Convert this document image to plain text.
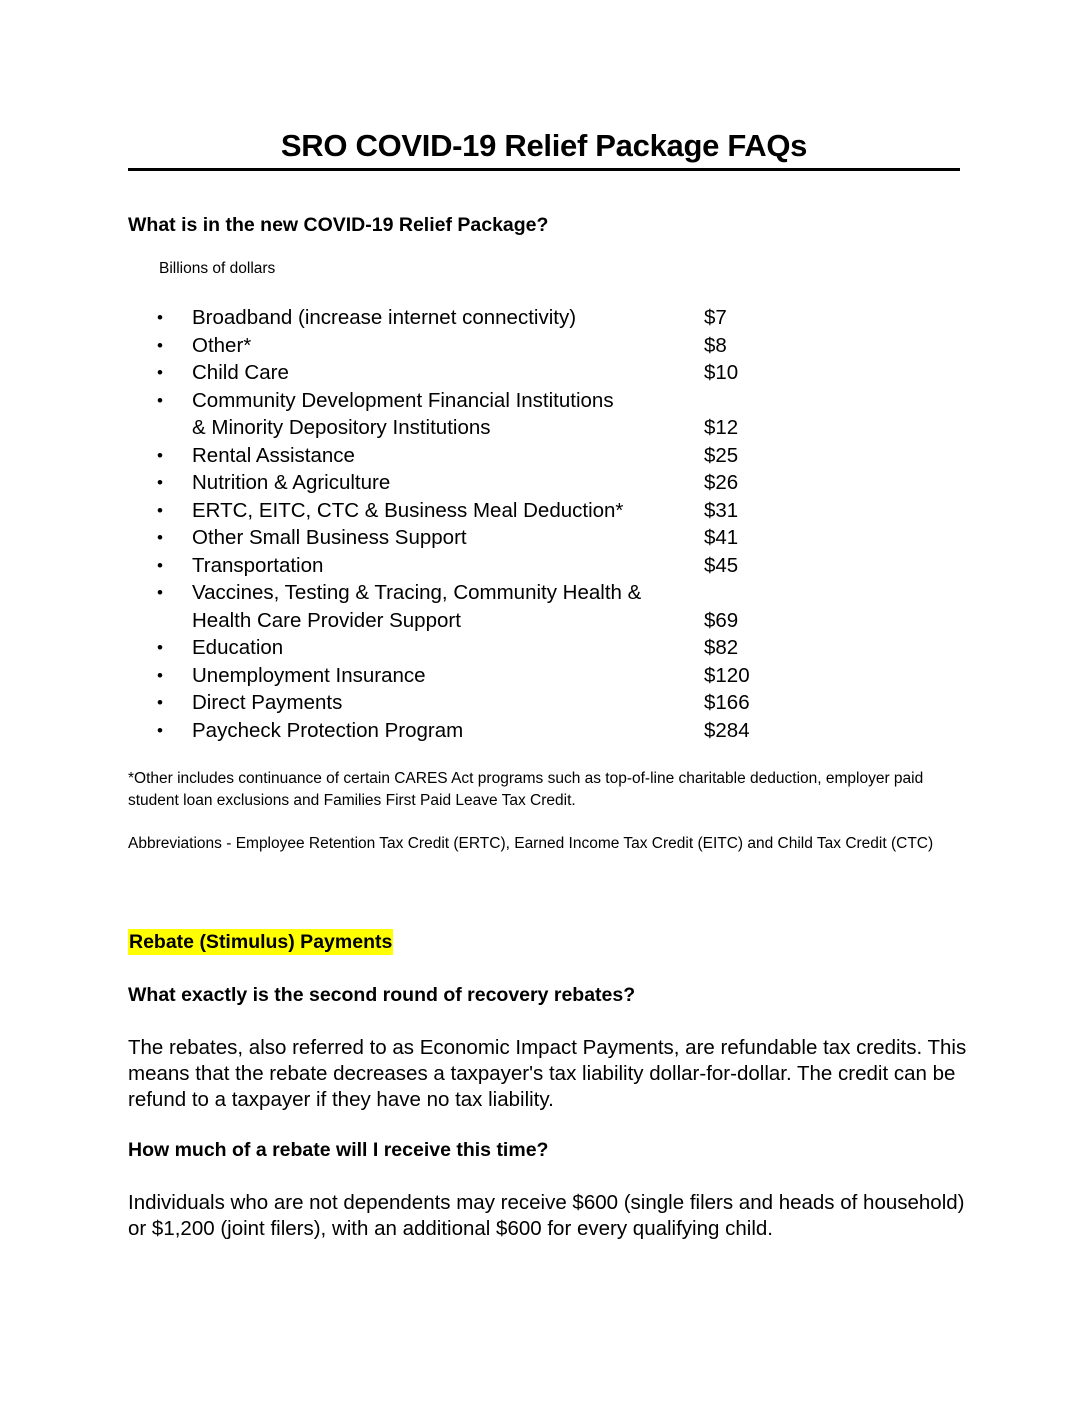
SRO COVID-19 Relief Package FAQs
What is in the new COVID-19 Relief Package?
Billions of dollars
•	Broadband (increase internet connectivity)	$7
•	Other*	$8
•	Child Care	$10
•	Community Development Financial Institutions
& Minority Depository Institutions	$12
•	Rental Assistance	$25
•	Nutrition & Agriculture	$26
•	ERTC, EITC, CTC & Business Meal Deduction*	$31
•	Other Small Business Support	$41
•	Transportation	$45
•	Vaccines, Testing & Tracing, Community Health &
Health Care Provider Support	$69
•	Education	$82
•	Unemployment Insurance	$120
•	Direct Payments	$166
•	Paycheck Protection Program	$284
*Other includes continuance of certain CARES Act programs such as top-of-line charitable deduction, employer paid student loan exclusions and Families First Paid Leave Tax Credit.
Abbreviations - Employee Retention Tax Credit (ERTC), Earned Income Tax Credit (EITC) and Child Tax Credit (CTC)
Rebate (Stimulus) Payments
What exactly is the second round of recovery rebates?
The rebates, also referred to as Economic Impact Payments, are refundable tax credits. This means that the rebate decreases a taxpayer's tax liability dollar-for-dollar. The credit can be refund to a taxpayer if they have no tax liability.
How much of a rebate will I receive this time?
Individuals who are not dependents may receive $600 (single filers and heads of household) or $1,200 (joint filers), with an additional $600 for every qualifying child.
